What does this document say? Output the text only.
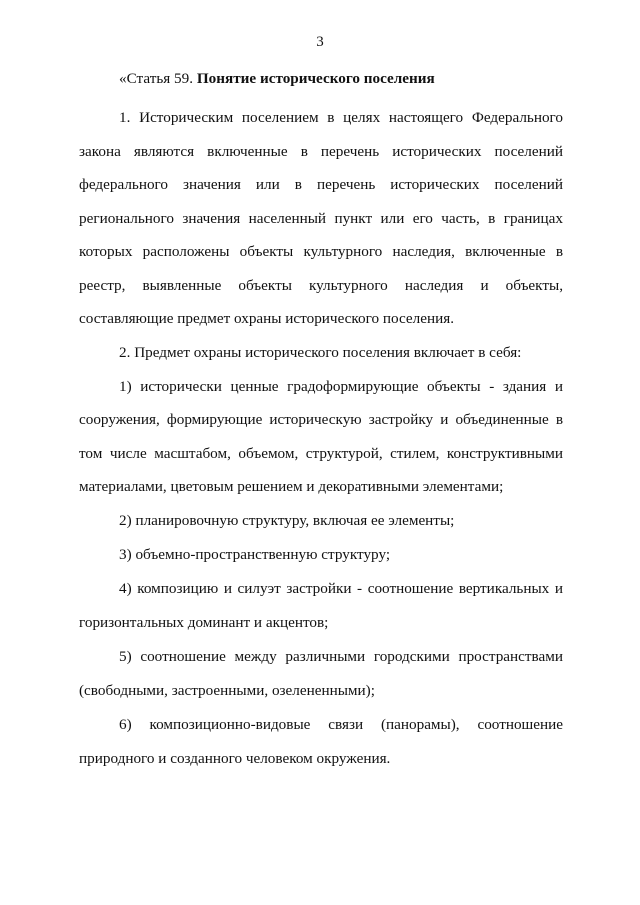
3

«Статья 59. Понятие исторического поселения

1. Историческим поселением в целях настоящего Федерального закона являются включенные в перечень исторических поселений федерального значения или в перечень исторических поселений регионального значения населенный пункт или его часть, в границах которых расположены объекты культурного наследия, включенные в реестр, выявленные объекты культурного наследия и объекты, составляющие предмет охраны исторического поселения.

2. Предмет охраны исторического поселения включает в себя:

1) исторически ценные градоформирующие объекты - здания и сооружения, формирующие историческую застройку и объединенные в том числе масштабом, объемом, структурой, стилем, конструктивными материалами, цветовым решением и декоративными элементами;

2) планировочную структуру, включая ее элементы;

3) объемно-пространственную структуру;

4) композицию и силуэт застройки - соотношение вертикальных и горизонтальных доминант и акцентов;

5) соотношение между различными городскими пространствами (свободными, застроенными, озелененными);

6) композиционно-видовые связи (панорамы), соотношение природного и созданного человеком окружения.
